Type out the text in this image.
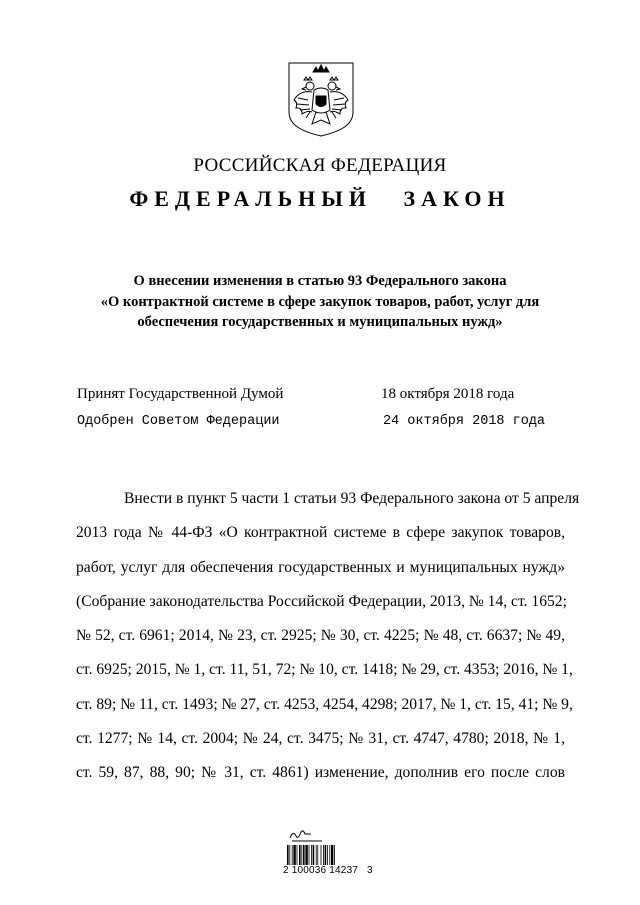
РОССИЙСКАЯ ФЕДЕРАЦИЯ
ФЕДЕРАЛЬНЫЙ ЗАКОН
О внесении изменения в статью 93 Федерального закона
«О контрактной системе в сфере закупок товаров, работ, услуг для
обеспечения государственных и муниципальных нужд»
Принят Государственной Думой	18 октября 2018 года
Одобрен Советом Федерации	24 октября 2018 года
Внести в пункт 5 части 1 статьи 93 Федерального закона от 5 апреля
2013 года № 44-ФЗ «О контрактной системе в сфере закупок товаров,
работ, услуг для обеспечения государственных и муниципальных нужд»
(Собрание законодательства Российской Федерации, 2013, № 14, ст. 1652;
№ 52, ст. 6961; 2014, № 23, ст. 2925; № 30, ст. 4225; № 48, ст. 6637; № 49,
ст. 6925; 2015, № 1, ст. 11, 51, 72; № 10, ст. 1418; № 29, ст. 4353; 2016, № 1,
ст. 89; № 11, ст. 1493; № 27, ст. 4253, 4254, 4298; 2017, № 1, ст. 15, 41; № 9,
ст. 1277; № 14, ст. 2004; № 24, ст. 3475; № 31, ст. 4747, 4780; 2018, № 1,
ст. 59, 87, 88, 90; № 31, ст. 4861) изменение, дополнив его после слов
2 100036 14237   3
